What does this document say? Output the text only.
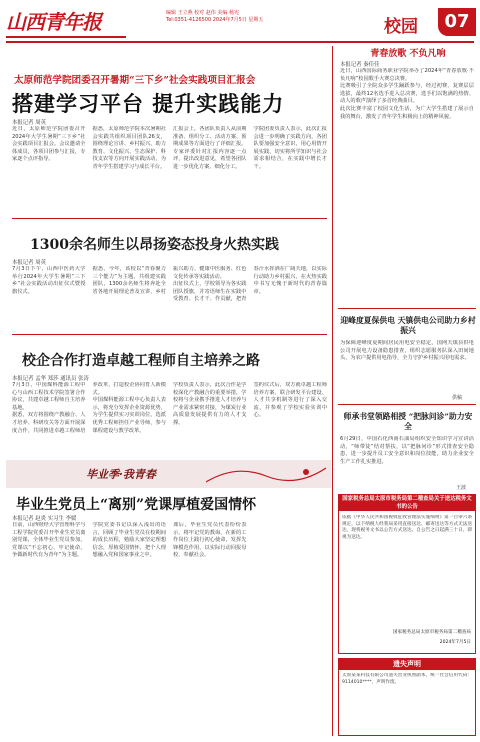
山西青年报	编辑 王立燕 校对 赵伟 美编 杨宪
Tel:0351-4126500 2024年7月5日 星期五	校园	07
太原师范学院团委召开暑期“三下乡”社会实践项目汇报会
搭建学习平台 提升实践能力
本报记者 周英

近日，太原师范学院团委召开2024年大学生暑期“三下乡”社会实践项目汇报会。会议邀请全体成员，各项目团参与汇报，专家逐个点评指导。

据悉，太原师范学院本次暑期社会实践共组织项目团队26支，围绕理论宣讲、乡村振兴、助力教育、文化振兴、生态保护、科技支农等方向开展实践活动，为青年学生搭建学习与成长平台。

汇报会上，各团队负责人从前期准备、组织分工、活动方案、预期成果等方面进行了详细汇报。专家评委针对汇报内容逐一点评，提出改进意见，希望各团队进一步优化方案、细化分工。

学院团委负责人表示，此次汇报会进一步明确了实践方向，各团队要加强安全意识，用心用情开展实践，切实将所学知识与社会需求相结合，在实践中增长才干。

1300余名师生以昂扬姿态投身火热实践
本报记者 周英

7月3日下午，山西中医药大学举行2024年大学生暑期“三下乡”社会实践活动出征仪式暨授旗仪式。

据悉，今年，该校以“青春聚力三个能力”为主题，共组建实践团队，1300余名师生将奔赴全省各地开展理论普及宣讲、乡村振兴助力、健康中医服务、红色文化传承等实践活动。

出征仪式上，学校领导为各实践团队授旗，并寄语师生在实践中受教育、长才干、作贡献，把青春汗水挥洒在广阔天地，以实际行动助力乡村振兴，在火热实践中书写无愧于新时代的青春篇章。

校企合作打造卓越工程师自主培养之路
本报记者 孟华 郑莎 通讯员 张涛

7月3日，中国煤科能源工程中心与山西工程技术学院签署合作协议，共建卓越工程师自主培养基地。

据悉，双方将围绕产教融合、人才培养、科研攻关等方面开展深度合作，共同推进卓越工程师培养改革，打造校企协同育人新模式。

中国煤科能源工程中心负责人表示，将充分发挥企业资源优势，为学生提供实习实训岗位，选派优秀工程师担任产业导师，参与课程建设与教学改革。

学校负责人表示，此次合作是学校深化产教融合的重要举措，学校将与企业携手推进人才培养与产业需求紧密对接，为煤炭行业高质量发展提供有力的人才支撑。

签约仪式后，双方就卓越工程师培养方案、联合研发平台建设、人才共享机制等进行了深入交流，并参观了学校实验实训中心。

毕业季·我青春
毕业生党员上“离别”党课厚植爱国情怀
本报记者 赵炎 实习生 李媛

日前，山西财经大学管理科学与工程学院党委召开毕业生党员离别党课，全体毕业生党员参加，党课以“不忘初心、牢记使命，争做新时代有为青年”为主题。

学院党委书记以深入浅出的语言，回顾了毕业生党员在校期间的成长历程，勉励大家坚定理想信念，厚植爱国情怀，把个人理想融入党和国家事业之中。

课后，毕业生党员代表纷纷表示，将牢记党的教诲，在新的工作岗位上践行初心使命，发挥先锋模范作用，以实际行动回报母校，奉献社会。

青春放歌 不负凡响
本报记者 秦佳佳

近日，山西国际商务职业学院举办了2024年“青春放歌·不负凡响”校园歌手大赛总决赛。

比赛吸引了全院众多学生踊跃参与，经过初赛、复赛层层选拔，最终12名选手进入总决赛，选手们以饱满的热情、动人的歌声演绎了多首经典曲目。

此次比赛丰富了校园文化生活，为广大学生搭建了展示自我的舞台，激发了青年学生积极向上的精神风貌。

迎峰度夏保供电 天镇供电公司助力乡村振兴

为保障迎峰度夏期间居民用电安全稳定，国网天镇县供电公司开展电力设备隐患排查，组织志愿服务队深入田间地头，为农户提供用电指导，全力守护乡村振兴用电需求。

供稿
师承书堂领路相授 “把脉问诊”助力安全

6月29日，中国石化西南石油局组织安全知识学习宣讲活动，“师带徒”结对帮扶，以“把脉问诊”形式排查安全隐患，进一步提升员工安全意识和岗位技能，助力企业安全生产工作扎实推进。

王波
国家税务总局太原市税务局第二稽查局关于送达税务文书的公告
依据《中华人民共和国税收征收管理法实施细则》第一百零六条规定，以下纳税人经我局采用直接送达、邮寄送达等方式无法送达，现将税务文书以公告方式送达。自公告之日起满三十日，即视为送达。
国家税务总局太原市税务局第二稽查局
2024年7月5日
遗失声明
太原某某科技有限公司遗失营业执照副本，统一社会信用代码：9114010****，声明作废。
